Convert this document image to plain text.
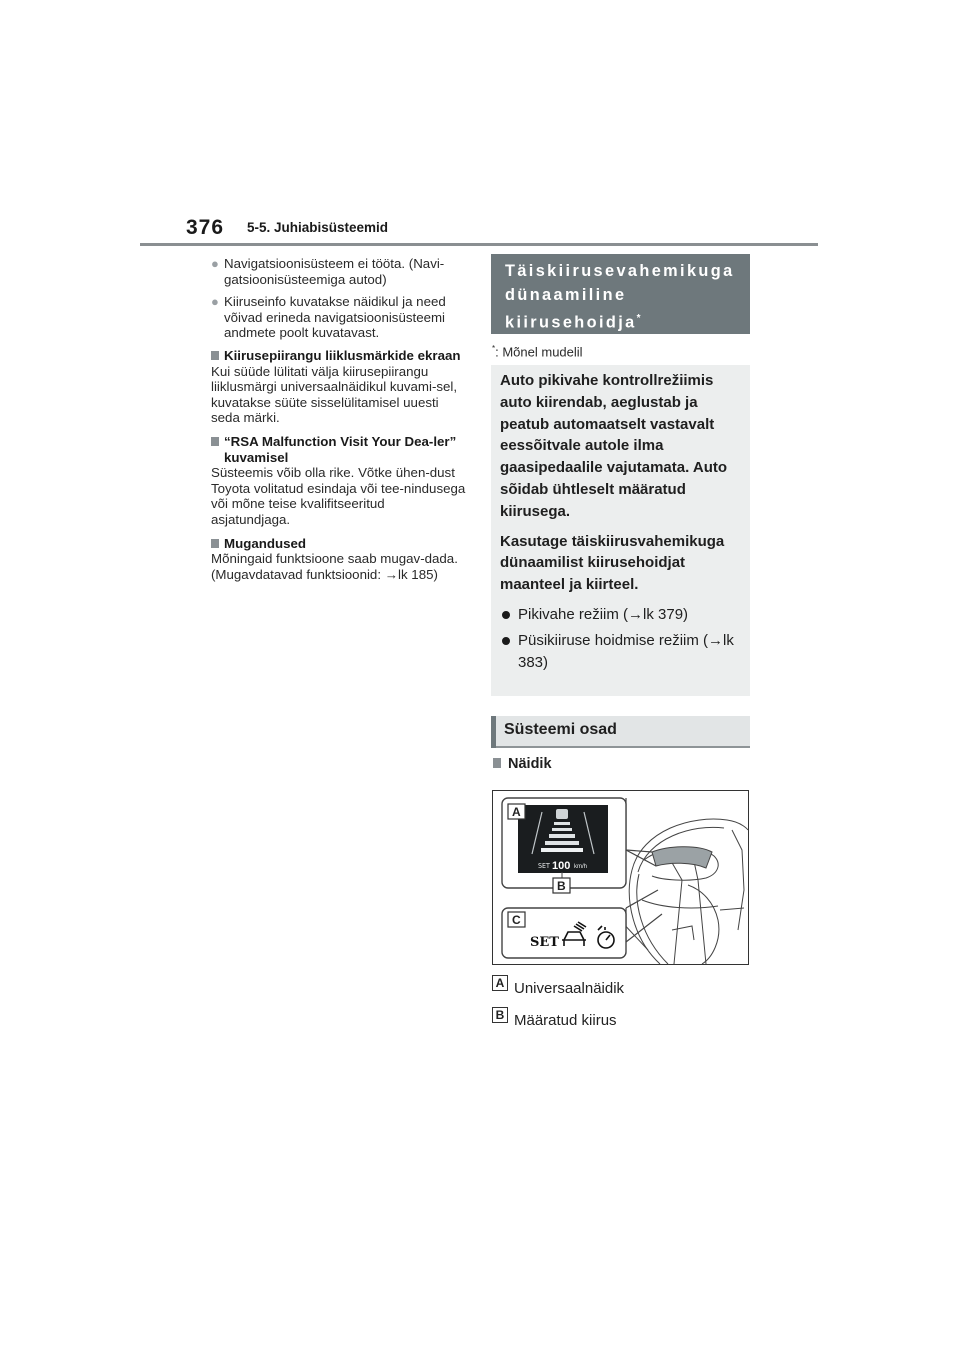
376 5-5. Juhiabisüsteemid
● Navigatsioonisüsteem ei tööta. (Navi-gatsioonisüsteemiga autod)
● Kiiruseinfo kuvatakse näidikul ja need võivad erineda navigatsioonisüsteemi andmete poolt kuvatavast.
Kiirusepiirangu liiklusmärkide ekraan
Kui süüde lülitati välja kiirusepiirangu liiklusmärgi universaalnäidikul kuvami-sel, kuvatakse süüte sisselülitamisel uuesti seda märki.
“RSA Malfunction Visit Your Dea-ler” kuvamisel
Süsteemis võib olla rike. Võtke ühen-dust Toyota volitatud esindaja või tee-nindusega või mõne teise kvalifitseeritud asjatundjaga.
Mugandused
Mõningaid funktsioone saab mugav-dada. (Mugavdatavad funktsioonid: →lk 185)
Täiskiirusevahemikuga dünaamiline kiirusehoidja*
*: Mõnel mudelil

Auto pikivahe kontrollrežiimis auto kiirendab, aeglustab ja peatub automaatselt vastavalt eessõitvale autole ilma gaasipedaalile vajutamata. Auto sõidab ühtleselt määratud kiirusega.

Kasutage täiskiirusvahemikuga dünaamilist kiirusehoidjat maanteel ja kiirteel.

Pikivahe režiim (→lk 379)
Püsikiiruse hoidmise režiim (→lk 383)
Süsteemi osad
Näidik
SET 100 km/h
A
B
C
SET
A Universaalnäidik
B Määratud kiirus
